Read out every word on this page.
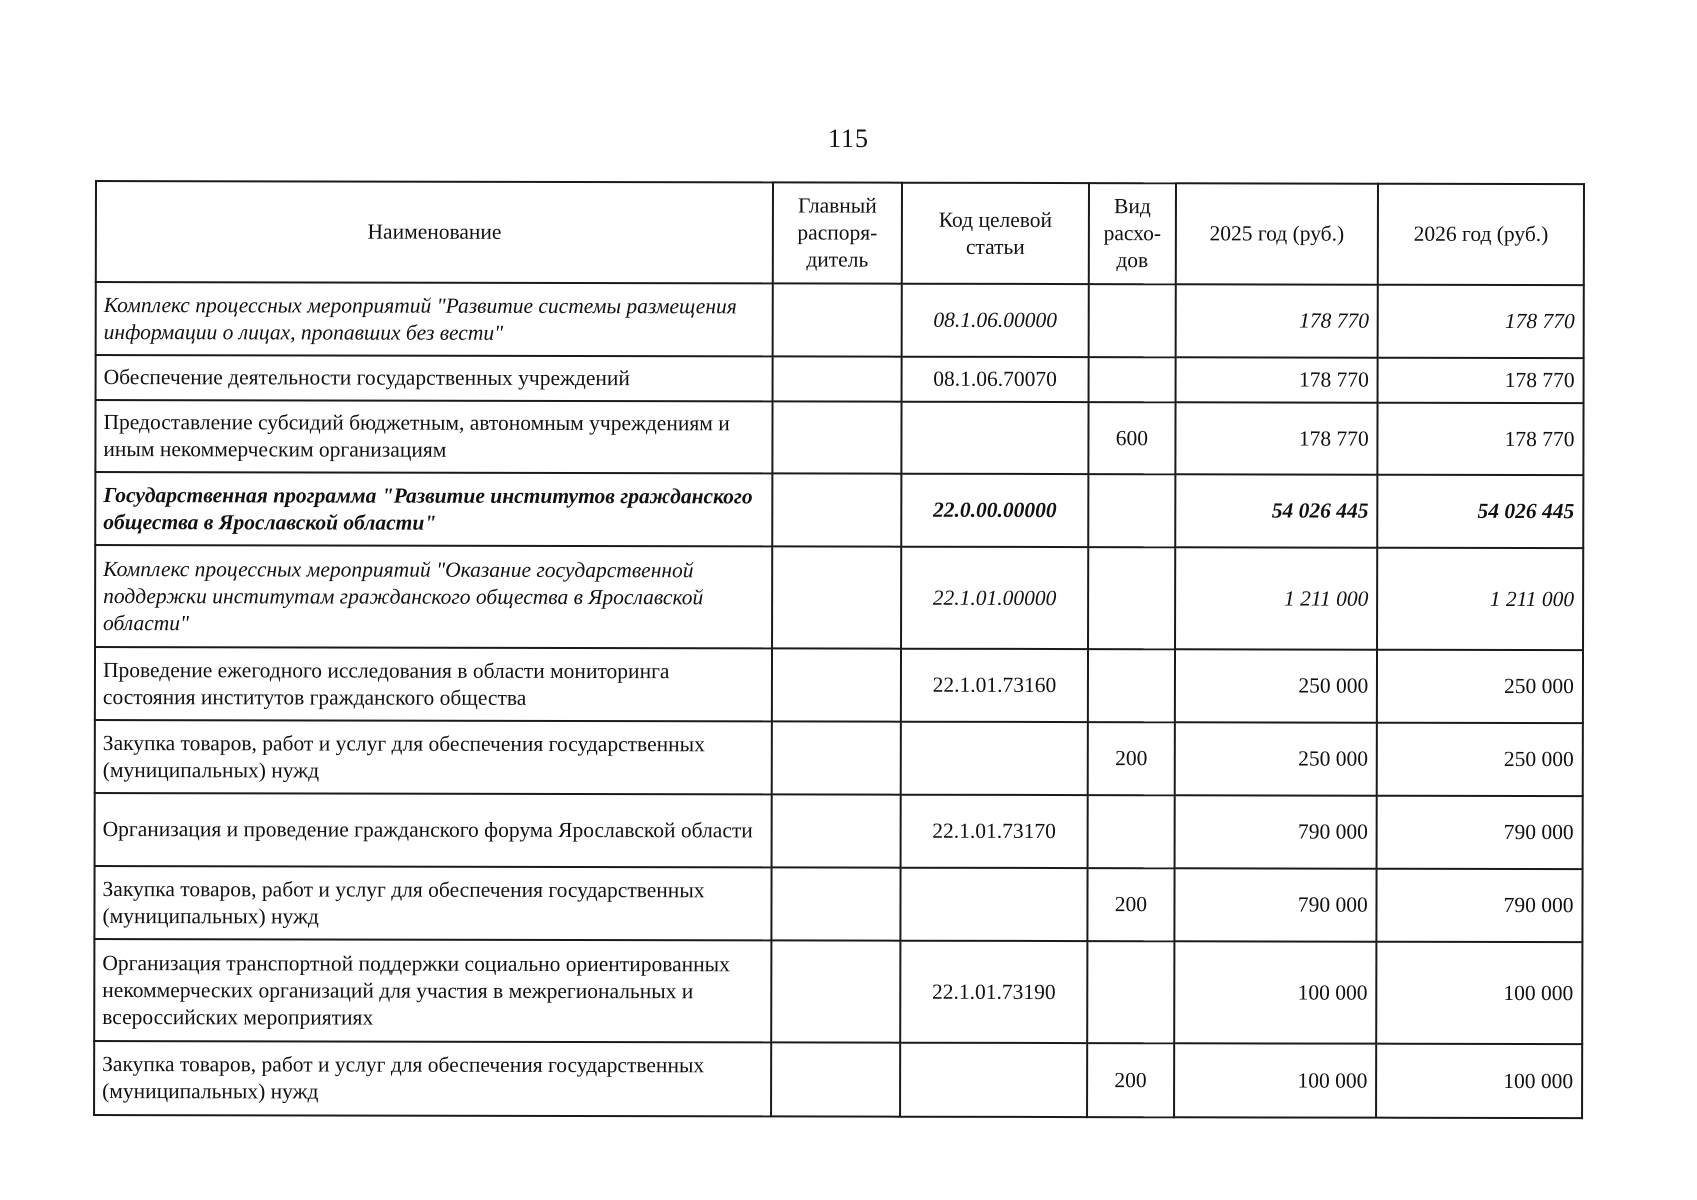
115
Наименование	Главный распоря-дитель	Код целевой статьи	Вид расхо-дов	2025 год (руб.)	2026 год (руб.)
Комплекс процессных мероприятий "Развитие системы размещения информации о лицах, пропавших без вести"		08.1.06.00000		178 770	178 770
Обеспечение деятельности государственных учреждений		08.1.06.70070		178 770	178 770
Предоставление субсидий бюджетным, автономным учреждениям и иным некоммерческим организациям			600	178 770	178 770
Государственная программа "Развитие институтов гражданского общества в Ярославской области"		22.0.00.00000		54 026 445	54 026 445
Комплекс процессных мероприятий "Оказание государственной поддержки институтам гражданского общества в Ярославской области"		22.1.01.00000		1 211 000	1 211 000
Проведение ежегодного исследования в области мониторинга состояния институтов гражданского общества		22.1.01.73160		250 000	250 000
Закупка товаров, работ и услуг для обеспечения государственных (муниципальных) нужд			200	250 000	250 000
Организация и проведение гражданского форума Ярославской области		22.1.01.73170		790 000	790 000
Закупка товаров, работ и услуг для обеспечения государственных (муниципальных) нужд			200	790 000	790 000
Организация транспортной поддержки социально ориентированных некоммерческих организаций для участия в межрегиональных и всероссийских мероприятиях		22.1.01.73190		100 000	100 000
Закупка товаров, работ и услуг для обеспечения государственных (муниципальных) нужд			200	100 000	100 000
